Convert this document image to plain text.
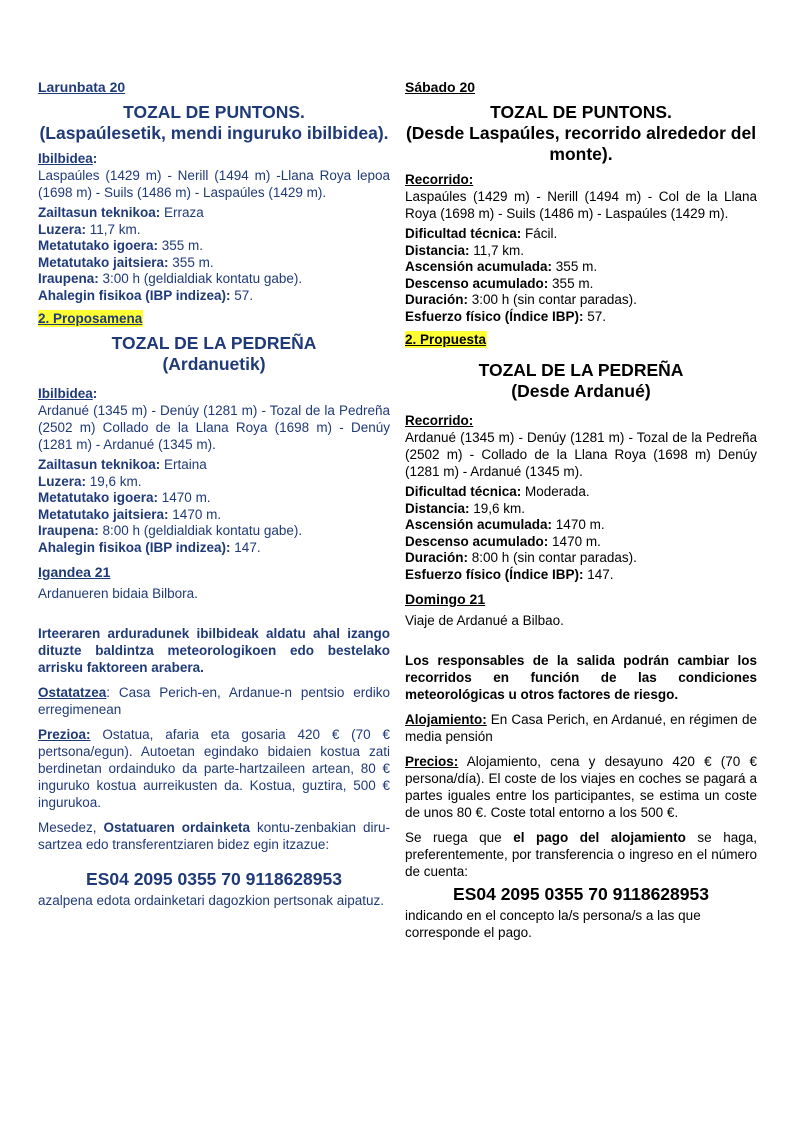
Larunbata 20
TOZAL DE PUNTONS.
(Laspaúlesetik, mendi inguruko ibilbidea).
Ibilbidea:

Laspaúles (1429 m) - Nerill (1494 m) -Llana Roya lepoa (1698 m) - Suils (1486 m) - Laspaúles (1429 m).

Zailtasun teknikoa: Erraza
Luzera: 11,7 km.
Metatutako igoera: 355 m.
Metatutako jaitsiera: 355 m.
Iraupena: 3:00 h (geldialdiak kontatu gabe).
Ahalegin fisikoa (IBP indizea): 57.
2. Proposamena
TOZAL DE LA PEDREÑA
(Ardanuetik)
Ibilbidea:

Ardanué (1345 m) - Denúy (1281 m) - Tozal de la Pedreña (2502 m) Collado de la Llana Roya (1698 m) - Denúy (1281 m) - Ardanué (1345 m).

Zailtasun teknikoa: Ertaina
Luzera: 19,6 km.
Metatutako igoera: 1470 m.
Metatutako jaitsiera: 1470 m.
Iraupena: 8:00 h (geldialdiak kontatu gabe).
Ahalegin fisikoa (IBP indizea): 147.
Igandea 21

Ardanueren bidaia Bilbora.

Irteeraren arduradunek ibilbideak aldatu ahal izango dituzte baldintza meteorologikoen edo bestelako arrisku faktoreen arabera.

Ostatatzea: Casa Perich-en, Ardanue-n pentsio erdiko erregimenean

Prezioa: Ostatua, afaria eta gosaria 420 € (70 € pertsona/egun). Autoetan egindako bidaien kostua zati berdinetan ordainduko da parte-hartzaileen artean, 80 € inguruko kostua aurreikusten da. Kostua, guztira, 500 € ingurukoa.

Mesedez, Ostatuaren ordainketa kontu-zenbakian diru-sartzea edo transferentziaren bidez egin itzazue:

ES04 2095 0355 70 9118628953

azalpena edota ordainketari dagozkion pertsonak aipatuz.

Sábado 20
TOZAL DE PUNTONS.
(Desde Laspaúles, recorrido alrededor del monte).
Recorrido:

Laspaúles (1429 m) - Nerill (1494 m) - Col de la Llana Roya (1698 m) - Suils (1486 m) - Laspaúles (1429 m).

Dificultad técnica: Fácil.
Distancia: 11,7 km.
Ascensión acumulada: 355 m.
Descenso acumulado: 355 m.
Duración: 3:00 h (sin contar paradas).
Esfuerzo físico (Índice IBP): 57.
2. Propuesta
TOZAL DE LA PEDREÑA
(Desde Ardanué)
Recorrido:

Ardanué (1345 m) - Denúy (1281 m) - Tozal de la Pedreña (2502 m) - Collado de la Llana Roya (1698 m) Denúy (1281 m) - Ardanué (1345 m).

Dificultad técnica: Moderada.
Distancia: 19,6 km.
Ascensión acumulada: 1470 m.
Descenso acumulado: 1470 m.
Duración: 8:00 h (sin contar paradas).
Esfuerzo físico (Índice IBP): 147.
Domingo 21

Viaje de Ardanué a Bilbao.

Los responsables de la salida podrán cambiar los recorridos en función de las condiciones meteorológicas u otros factores de riesgo.

Alojamiento: En Casa Perich, en Ardanué, en régimen de media pensión

Precios: Alojamiento, cena y desayuno 420 € (70 € persona/día). El coste de los viajes en coches se pagará a partes iguales entre los participantes, se estima un coste de unos 80 €. Coste total entorno a los 500 €.

Se ruega que el pago del alojamiento se haga, preferentemente, por transferencia o ingreso en el número de cuenta:

ES04 2095 0355 70 9118628953

indicando en el concepto la/s persona/s a las que corresponde el pago.
